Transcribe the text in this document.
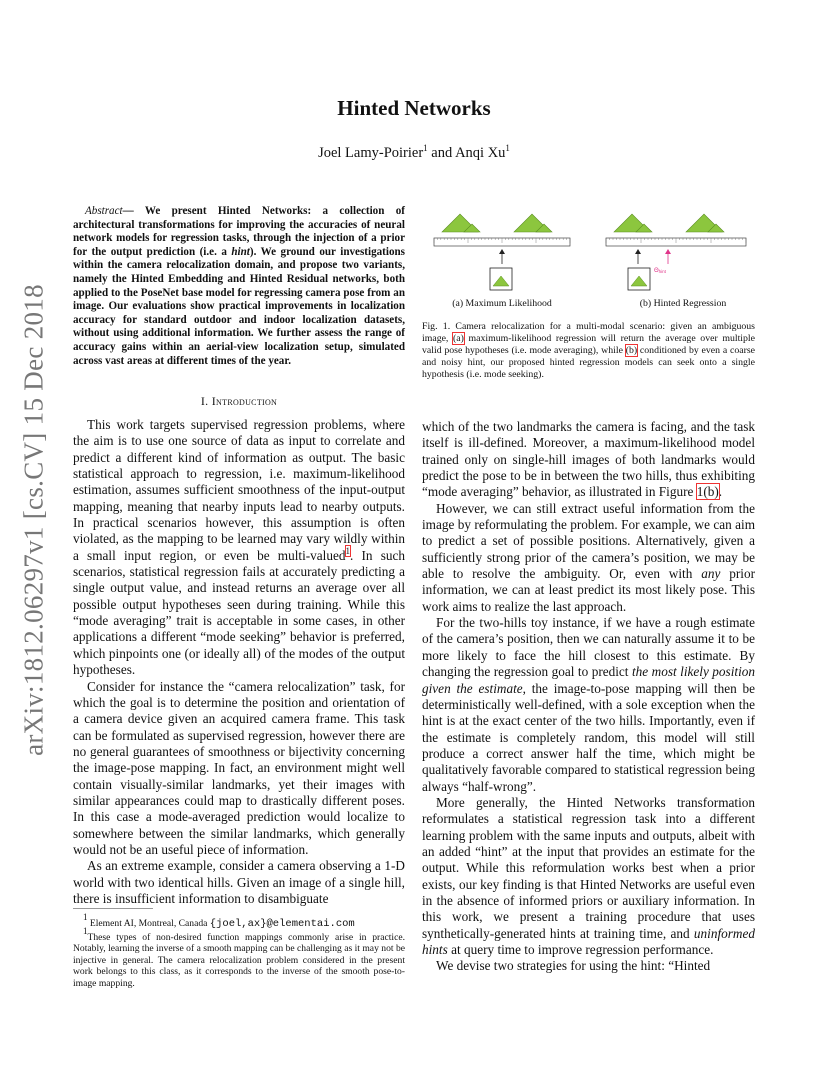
arXiv:1812.06297v1 [cs.CV] 15 Dec 2018
Hinted Networks
Joel Lamy-Poirier$^1$ and Anqi Xu$^1$
Abstract— We present Hinted Networks: a collection of architectural transformations for improving the accuracies of neural network models for regression tasks, through the injection of a prior for the output prediction (i.e. a hint). We ground our investigations within the camera relocalization domain, and propose two variants, namely the Hinted Embedding and Hinted Residual networks, both applied to the PoseNet base model for regressing camera pose from an image. Our evaluations show practical improvements in localization accuracy for standard outdoor and indoor localization datasets, without using additional information. We further assess the range of accuracy gains within an aerial-view localization setup, simulated across vast areas at different times of the year.
Θhint
(a) Maximum Likelihood	(b) Hinted Regression
Fig. 1. Camera relocalization for a multi-modal scenario: given an ambiguous image, (a) maximum-likelihood regression will return the average over multiple valid pose hypotheses (i.e. mode averaging), while (b) conditioned by even a coarse and noisy hint, our proposed hinted regression models can seek onto a single hypothesis (i.e. mode seeking).
I. Introduction

This work targets supervised regression problems, where the aim is to use one source of data as input to correlate and predict a different kind of information as output. The basic statistical approach to regression, i.e. maximum-likelihood estimation, assumes sufficient smoothness of the input-output mapping, meaning that nearby inputs lead to nearby outputs. In practical scenarios however, this assumption is often violated, as the mapping to be learned may vary wildly within a small input region, or even be multi-valued$^1$. In such scenarios, statistical regression fails at accurately predicting a single output value, and instead returns an average over all possible output hypotheses seen during training. While this “mode averaging” trait is acceptable in some cases, in other applications a different “mode seeking” behavior is preferred, which pinpoints one (or ideally all) of the modes of the output hypotheses.

Consider for instance the “camera relocalization” task, for which the goal is to determine the position and orientation of a camera device given an acquired camera frame. This task can be formulated as supervised regression, however there are no general guarantees of smoothness or bijectivity concerning the image-pose mapping. In fact, an environment might well contain visually-similar landmarks, yet their images with similar appearances could map to drastically different poses. In this case a mode-averaged prediction would localize to somewhere between the similar landmarks, which generally would not be an useful piece of information.

As an extreme example, consider a camera observing a 1-D world with two identical hills. Given an image of a single hill, there is insufficient information to disambiguate

$^1$ Element AI, Montreal, Canada {joel,ax}@elementai.com

$^1$These types of non-desired function mappings commonly arise in practice. Notably, learning the inverse of a smooth mapping can be challenging as it may not be injective in general. The camera relocalization problem considered in the present work belongs to this class, as it corresponds to the inverse of the smooth pose-to-image mapping.

which of the two landmarks the camera is facing, and the task itself is ill-defined. Moreover, a maximum-likelihood model trained only on single-hill images of both landmarks would predict the pose to be in between the two hills, thus exhibiting “mode averaging” behavior, as illustrated in Figure 1(b).

However, we can still extract useful information from the image by reformulating the problem. For example, we can aim to predict a set of possible positions. Alternatively, given a sufficiently strong prior of the camera’s position, we may be able to resolve the ambiguity. Or, even with any prior information, we can at least predict its most likely pose. This work aims to realize the last approach.

For the two-hills toy instance, if we have a rough estimate of the camera’s position, then we can naturally assume it to be more likely to face the hill closest to this estimate. By changing the regression goal to predict the most likely position given the estimate, the image-to-pose mapping will then be deterministically well-defined, with a sole exception when the hint is at the exact center of the two hills. Importantly, even if the estimate is completely random, this model will still produce a correct answer half the time, which might be qualitatively favorable compared to statistical regression being always “half-wrong”.

More generally, the Hinted Networks transformation reformulates a statistical regression task into a different learning problem with the same inputs and outputs, albeit with an added “hint” at the input that provides an estimate for the output. While this reformulation works best when a prior exists, our key finding is that Hinted Networks are useful even in the absence of informed priors or auxiliary information. In this work, we present a training procedure that uses synthetically-generated hints at training time, and uninformed hints at query time to improve regression performance.

We devise two strategies for using the hint: “Hinted
